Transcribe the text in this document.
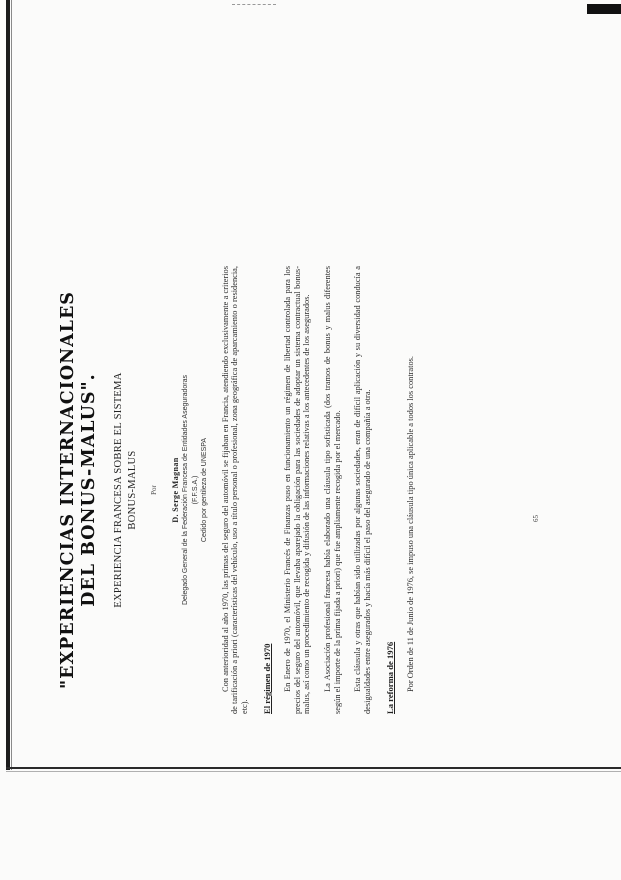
"EXPERIENCIAS INTERNACIONALES
DEL BONUS-MALUS". EXPERIENCIA FRANCESA SOBRE EL SISTEMA BONUS-MALUS Por D. Serge Magnan Delegado General de la Federación Francesa de Entidades Aseguradoras (F.F.S.A.) Cedido por gentileza de UNESPA Con anterioridad al año 1970, las primas del seguro del automóvil se fijaban en Francia, atendiendo exclusivamente a criterios de tarificación a priori (características del vehículo, uso a título personal o profesional, zona geográfica de aparcamiento o residencia, etc). El régimen de 1970 En Enero de 1970, el Ministerio Francés de Finanzas puso en funcionamiento un régimen de libertad controlada para los precios del seguro del automóvil, que llevaba aparejado la obligación para las sociedades de adoptar un sistema contractual bonus-malus, así como un procedimiento de recogida y difusión de las informaciones relativas a los antecedentes de los asegurados. La Asociación profesional francesa había elaborado una cláusula tipo sofisticada (dos tramos de bonus y malus diferentes según el importe de la prima fijada a priori) que fue ampliamente recogida por el mercado. Esta cláusula y otras que habían sido utilizadas por algunas sociedades, eran de difícil aplicación y su diversidad conducía a desigualdades entre asegurados y hacía más difícil el paso del asegurado de una compañía a otra. La reforma de 1976 Por Orden de 11 de Junio de 1976, se impuso una cláusula tipo única aplicable a todos los contratos.	65
